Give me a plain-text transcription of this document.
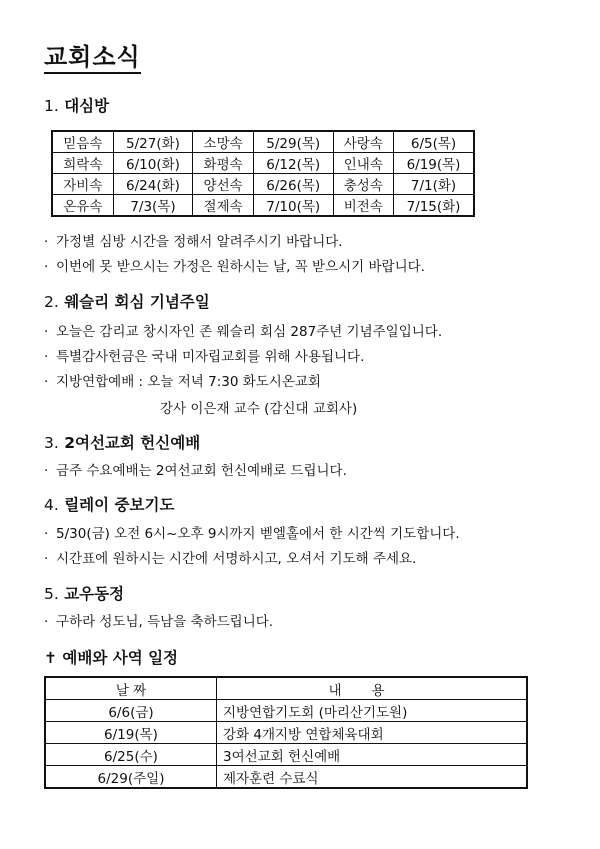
교회소식
1. 대심방
믿음속	5/27(화)	소망속	5/29(목)	사랑속	6/5(목)
희락속	6/10(화)	화평속	6/12(목)	인내속	6/19(목)
자비속	6/24(화)	양선속	6/26(목)	충성속	7/1(화)
온유속	7/3(목)	절제속	7/10(목)	비전속	7/15(화)
· 가정별 심방 시간을 정해서 알려주시기 바랍니다.
· 이번에 못 받으시는 가정은 원하시는 날, 꼭 받으시기 바랍니다.
2. 웨슬리 회심 기념주일
· 오늘은 감리교 창시자인 존 웨슬리 회심 287주년 기념주일입니다.
· 특별감사헌금은 국내 미자립교회를 위해 사용됩니다.
· 지방연합예배 : 오늘 저녁 7:30 화도시온교회
강사 이은재 교수 (감신대 교회사)
3. 2여선교회 헌신예배
· 금주 수요예배는 2여선교회 헌신예배로 드립니다.
4. 릴레이 중보기도
· 5/30(금) 오전 6시~오후 9시까지 벧엘홀에서 한 시간씩 기도합니다.
· 시간표에 원하시는 시간에 서명하시고, 오셔서 기도해 주세요.
5. 교우동정
· 구하라 성도님, 득남을 축하드립니다.
✝ 예배와 사역 일정
날 짜	내용
6/6(금)	지방연합기도회 (마리산기도원)
6/19(목)	강화 4개지방 연합체육대회
6/25(수)	3여선교회 헌신예배
6/29(주일)	제자훈련 수료식
